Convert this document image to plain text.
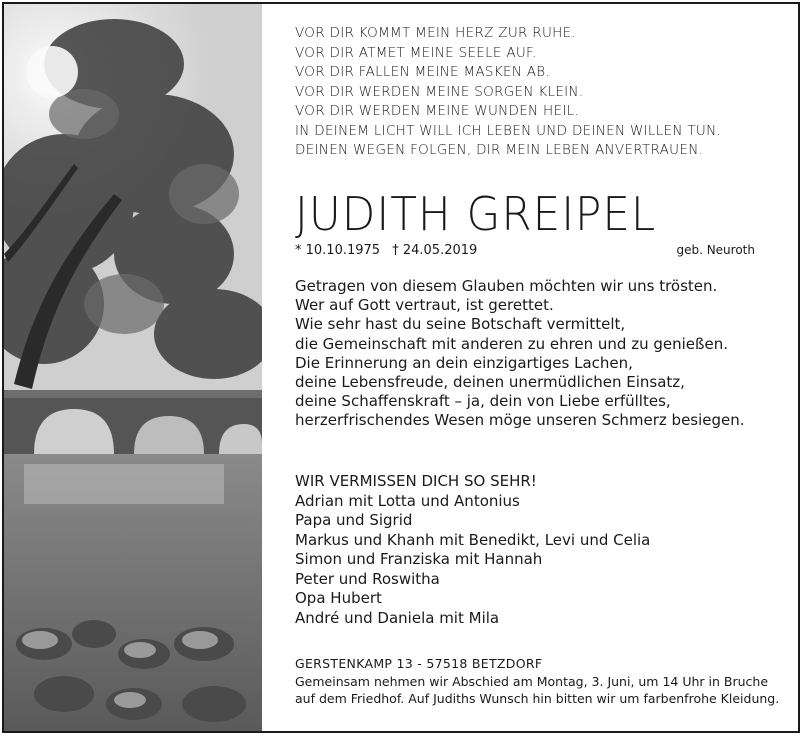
VOR DIR KOMMT MEIN HERZ ZUR RUHE.
VOR DIR ATMET MEINE SEELE AUF.
VOR DIR FALLEN MEINE MASKEN AB.
VOR DIR WERDEN MEINE SORGEN KLEIN.
VOR DIR WERDEN MEINE WUNDEN HEIL.
IN DEINEM LICHT WILL ICH LEBEN UND DEINEN WILLEN TUN.
DEINEN WEGEN FOLGEN, DIR MEIN LEBEN ANVERTRAUEN.
JUDITH GREIPEL
* 10.10.1975 † 24.05.2019	geb. Neuroth
Getragen von diesem Glauben möchten wir uns trösten.
Wer auf Gott vertraut, ist gerettet.
Wie sehr hast du seine Botschaft vermittelt,
die Gemeinschaft mit anderen zu ehren und zu genießen.
Die Erinnerung an dein einzigartiges Lachen,
deine Lebensfreude, deinen unermüdlichen Einsatz,
deine Schaffenskraft – ja, dein von Liebe erfülltes,
herzerfrischendes Wesen möge unseren Schmerz besiegen.
WIR VERMISSEN DICH SO SEHR!
Adrian mit Lotta und Antonius
Papa und Sigrid
Markus und Khanh mit Benedikt, Levi und Celia
Simon und Franziska mit Hannah
Peter und Roswitha
Opa Hubert
André und Daniela mit Mila
GERSTENKAMP 13 - 57518 BETZDORF
Gemeinsam nehmen wir Abschied am Montag, 3. Juni, um 14 Uhr in Bruche
auf dem Friedhof. Auf Judiths Wunsch hin bitten wir um farbenfrohe Kleidung.
